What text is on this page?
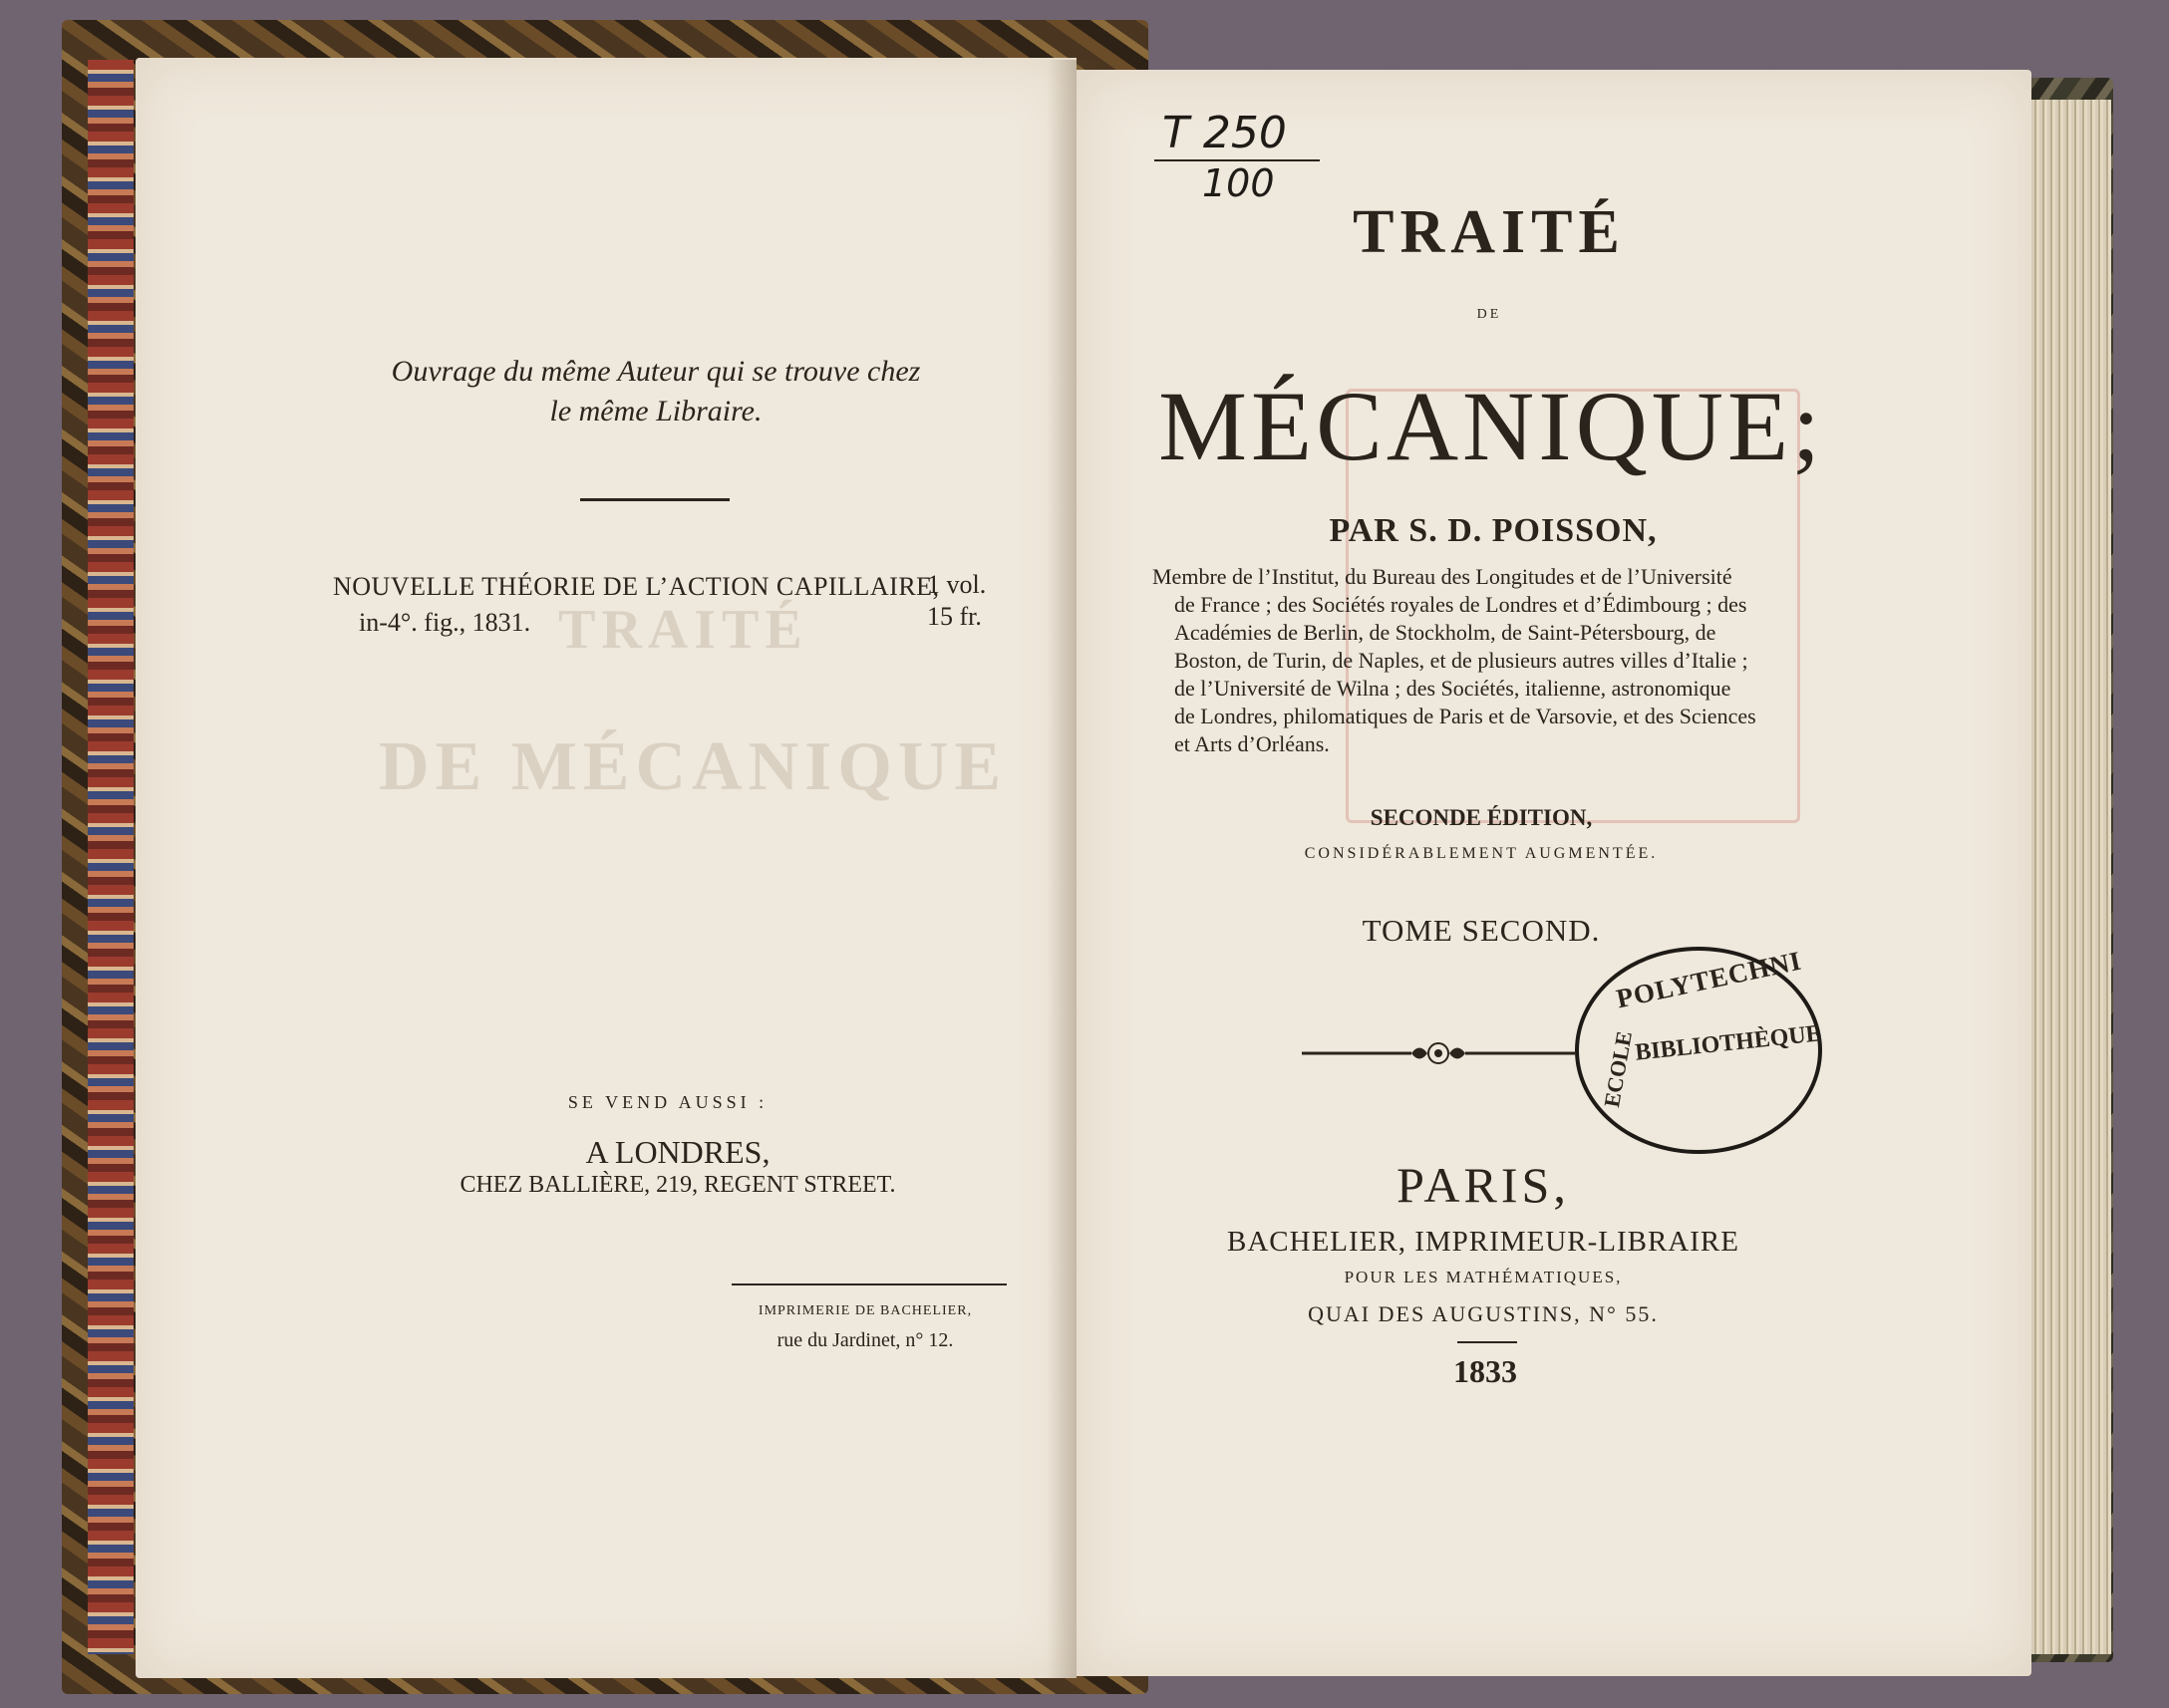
TRAITÉ
DE MÉCANIQUE
Ouvrage du même Auteur qui se trouve chez
le même Libraire.
NOUVELLE THÉORIE DE L’ACTION CAPILLAIRE,
1 vol.
in-4°. fig., 1831.	15 fr.
SE VEND AUSSI :
A LONDRES,
CHEZ BALLIÈRE, 219, REGENT STREET.
IMPRIMERIE DE BACHELIER,
rue du Jardinet, n° 12.
T 250
100
TRAITÉ
DE
MÉCANIQUE;
PAR S. D. POISSON,
Membre de l’Institut, du Bureau des Longitudes et de l’Université
de France ; des Sociétés royales de Londres et d’Édimbourg ; des
Académies de Berlin, de Stockholm, de Saint-Pétersbourg, de
Boston, de Turin, de Naples, et de plusieurs autres villes d’Italie ;
de l’Université de Wilna ; des Sociétés, italienne, astronomique
de Londres, philomatiques de Paris et de Varsovie, et des Sciences
et Arts d’Orléans.
SECONDE ÉDITION,
CONSIDÉRABLEMENT AUGMENTÉE.
TOME SECOND.
POLYTECHNI
ECOLE
BIBLIOTHÈQUE
PARIS,
BACHELIER, IMPRIMEUR-LIBRAIRE
POUR LES MATHÉMATIQUES,
QUAI DES AUGUSTINS, N° 55.
1833
